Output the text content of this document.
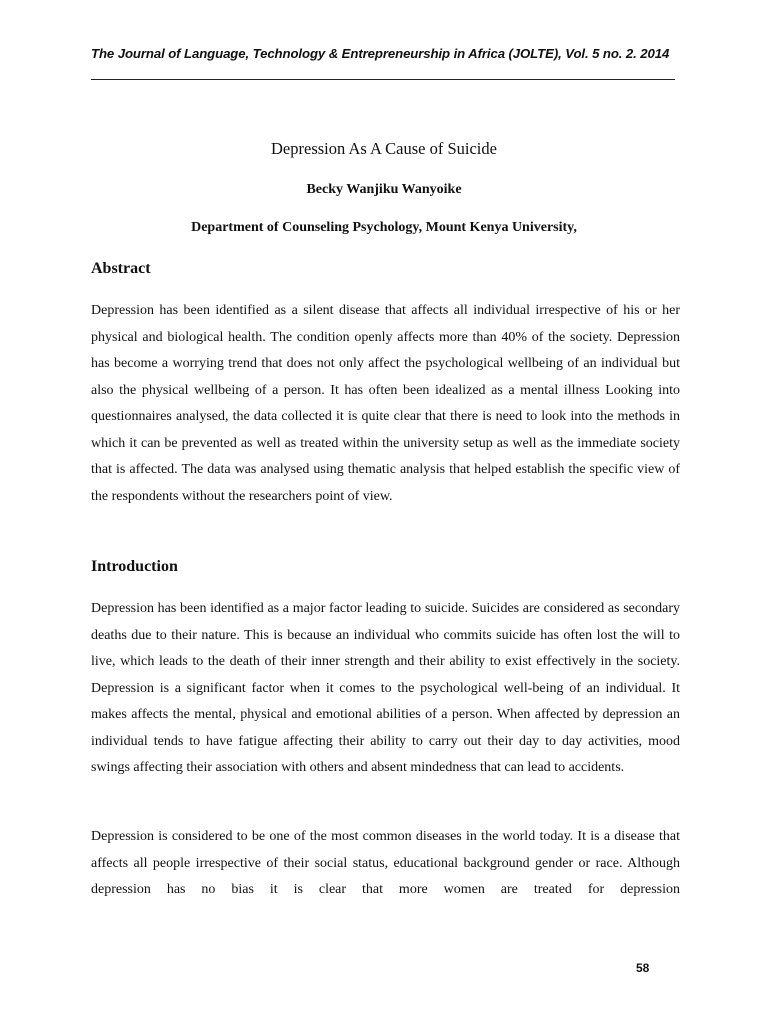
The Journal of Language, Technology & Entrepreneurship in Africa (JOLTE), Vol. 5 no. 2. 2014
Depression As A Cause of Suicide
Becky Wanjiku Wanyoike
Department of Counseling Psychology, Mount Kenya University,
Abstract

Depression has been identified as a silent disease that affects all individual irrespective of his or her physical and biological health. The condition openly affects more than 40% of the society. Depression has become a worrying trend that does not only affect the psychological wellbeing of an individual but also the physical wellbeing of a person. It has often been idealized as a mental illness Looking into questionnaires analysed, the data collected it is quite clear that there is need to look into the methods in which it can be prevented as well as treated within the university setup as well as the immediate society that is affected. The data was analysed using thematic analysis that helped establish the specific view of the respondents without the researchers point of view.

Introduction

Depression has been identified as a major factor leading to suicide. Suicides are considered as secondary deaths due to their nature. This is because an individual who commits suicide has often lost the will to live, which leads to the death of their inner strength and their ability to exist effectively in the society. Depression is a significant factor when it comes to the psychological well-being of an individual. It makes affects the mental, physical and emotional abilities of a person. When affected by depression an individual tends to have fatigue affecting their ability to carry out their day to day activities, mood swings affecting their association with others and absent mindedness that can lead to accidents.

Depression is considered to be one of the most common diseases in the world today. It is a disease that affects all people irrespective of their social status, educational background gender or race. Although depression has no bias it is clear that more women are treated for depression

58
